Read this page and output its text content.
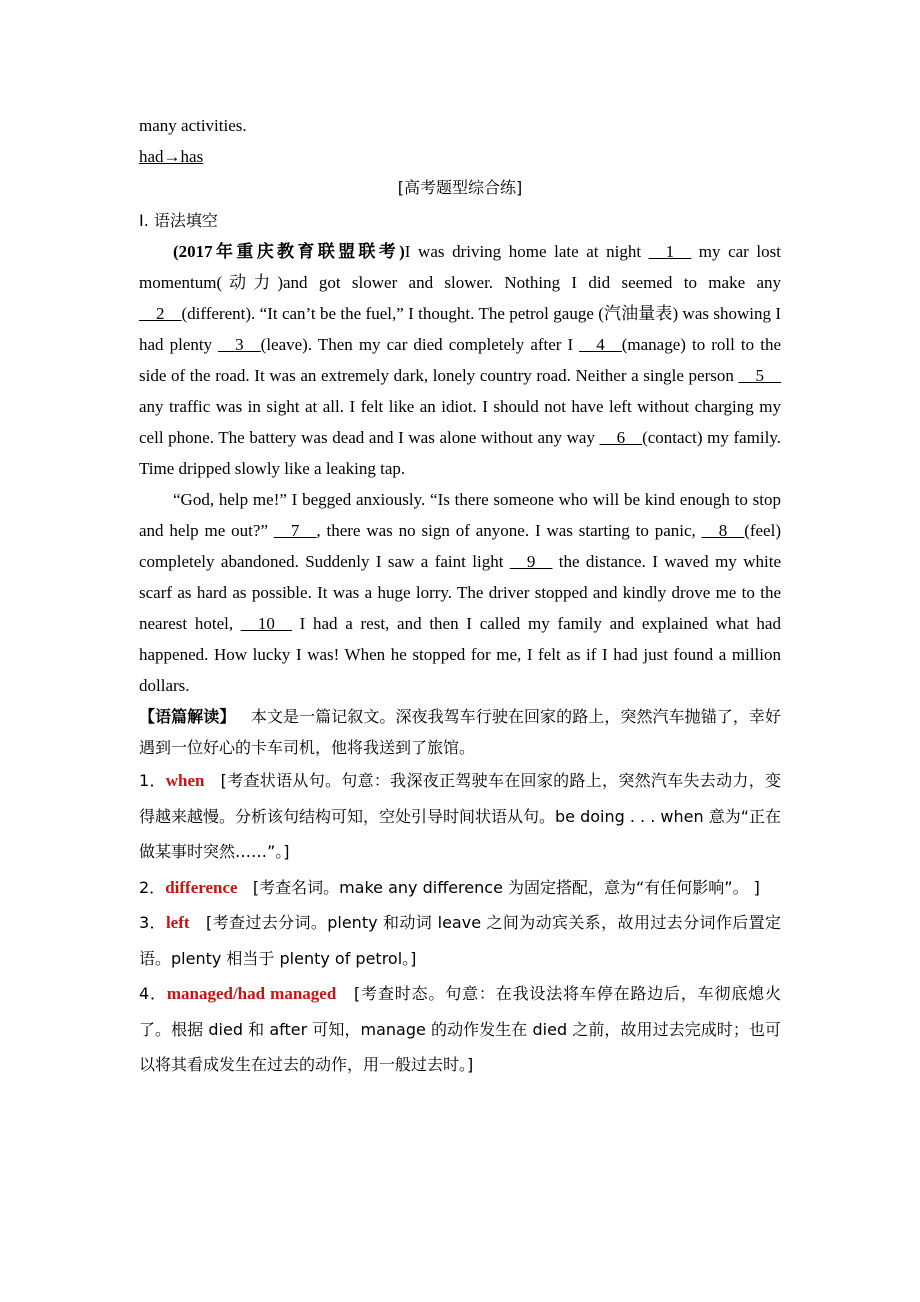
many activities.
had→has
[高考题型综合练]
Ⅰ. 语法填空

(2017年重庆教育联盟联考)I was driving home late at night __1__ my car lost momentum(动力)and got slower and slower. Nothing I did seemed to make any __2__(different). “It can’t be the fuel,” I thought. The petrol gauge (汽油量表) was showing I had plenty __3__(leave). Then my car died completely after I __4__(manage) to roll to the side of the road. It was an extremely dark, lonely country road. Neither a single person __5__ any traffic was in sight at all. I felt like an idiot. I should not have left without charging my cell phone. The battery was dead and I was alone without any way __6__(contact) my family. Time dripped slowly like a leaking tap.

“God, help me!” I begged anxiously. “Is there someone who will be kind enough to stop and help me out?” __7__, there was no sign of anyone. I was starting to panic, __8__(feel) completely abandoned. Suddenly I saw a faint light __9__ the distance. I waved my white scarf as hard as possible. It was a huge lorry. The driver stopped and kindly drove me to the nearest hotel, __10__ I had a rest, and then I called my family and explained what had happened. How lucky I was! When he stopped for me, I felt as if I had just found a million dollars.

【语篇解读】 本文是一篇记叙文。深夜我驾车行驶在回家的路上，突然汽车抛锚了，幸好遇到一位好心的卡车司机，他将我送到了旅馆。

1．when [考查状语从句。句意：我深夜正驾驶车在回家的路上，突然汽车失去动力，变得越来越慢。分析该句结构可知，空处引导时间状语从句。be doing . . . when 意为“正在做某事时突然……”。]

2．difference [考查名词。make any difference 为固定搭配，意为“有任何影响”。 ]

3．left [考查过去分词。plenty 和动词 leave 之间为动宾关系，故用过去分词作后置定语。plenty 相当于 plenty of petrol。]

4．managed/had managed [考查时态。句意：在我设法将车停在路边后，车彻底熄火了。根据 died 和 after 可知，manage 的动作发生在 died 之前，故用过去完成时；也可以将其看成发生在过去的动作，用一般过去时。]
